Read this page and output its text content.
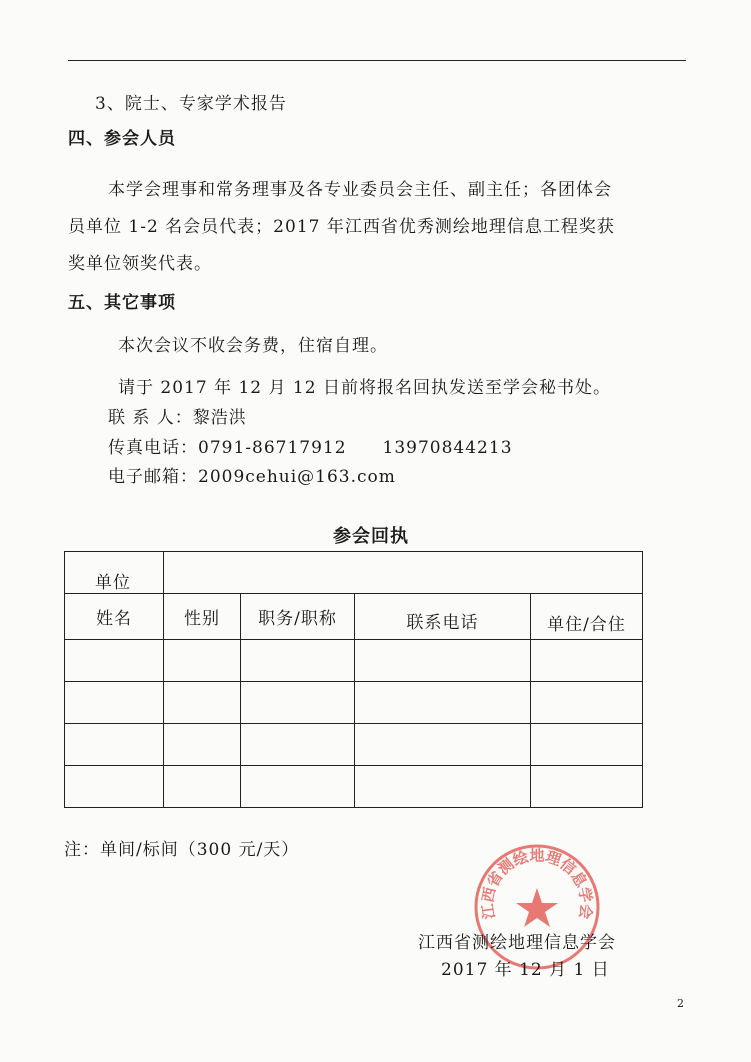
3、院士、专家学术报告
四、参会人员
本学会理事和常务理事及各专业委员会主任、副主任；各团体会
员单位 1-2 名会员代表；2017 年江西省优秀测绘地理信息工程奖获
奖单位领奖代表。
五、其它事项
本次会议不收会务费，住宿自理。
请于 2017 年 12 月 12 日前将报名回执发送至学会秘书处。
联 系 人：黎浩洪
传真电话：0791-86717912　　13970844213
电子邮箱：2009cehui@163.com
参会回执
单位				
姓名	性别	职务/职称	联系电话	单住/合住

注：单间/标间（300 元/天）
江西省测绘地理信息学会
江西省测绘地理信息学会
2017 年 12 月 1 日
2
